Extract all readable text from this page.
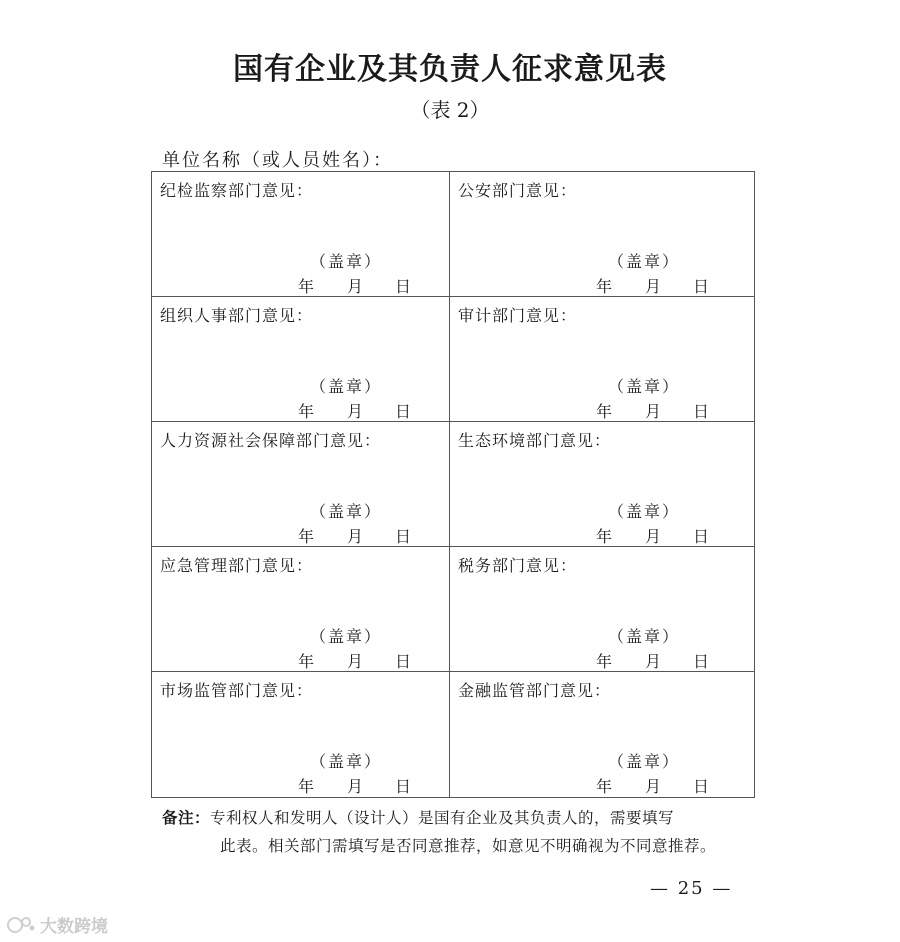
国有企业及其负责人征求意见表
（表 2）
单位名称（或人员姓名）：
纪检监察部门意见：
（盖章）
年	月	日
公安部门意见：
（盖章）
年	月	日
组织人事部门意见：
（盖章）
年	月	日
审计部门意见：
（盖章）
年	月	日
人力资源社会保障部门意见：
（盖章）
年	月	日
生态环境部门意见：
（盖章）
年	月	日
应急管理部门意见：
（盖章）
年	月	日
税务部门意见：
（盖章）
年	月	日
市场监管部门意见：
（盖章）
年	月	日
金融监管部门意见：
（盖章）
年	月	日
备注：专利权人和发明人（设计人）是国有企业及其负责人的，需要填写
此表。相关部门需填写是否同意推荐，如意见不明确视为不同意推荐。
— 25 —
大数跨境
